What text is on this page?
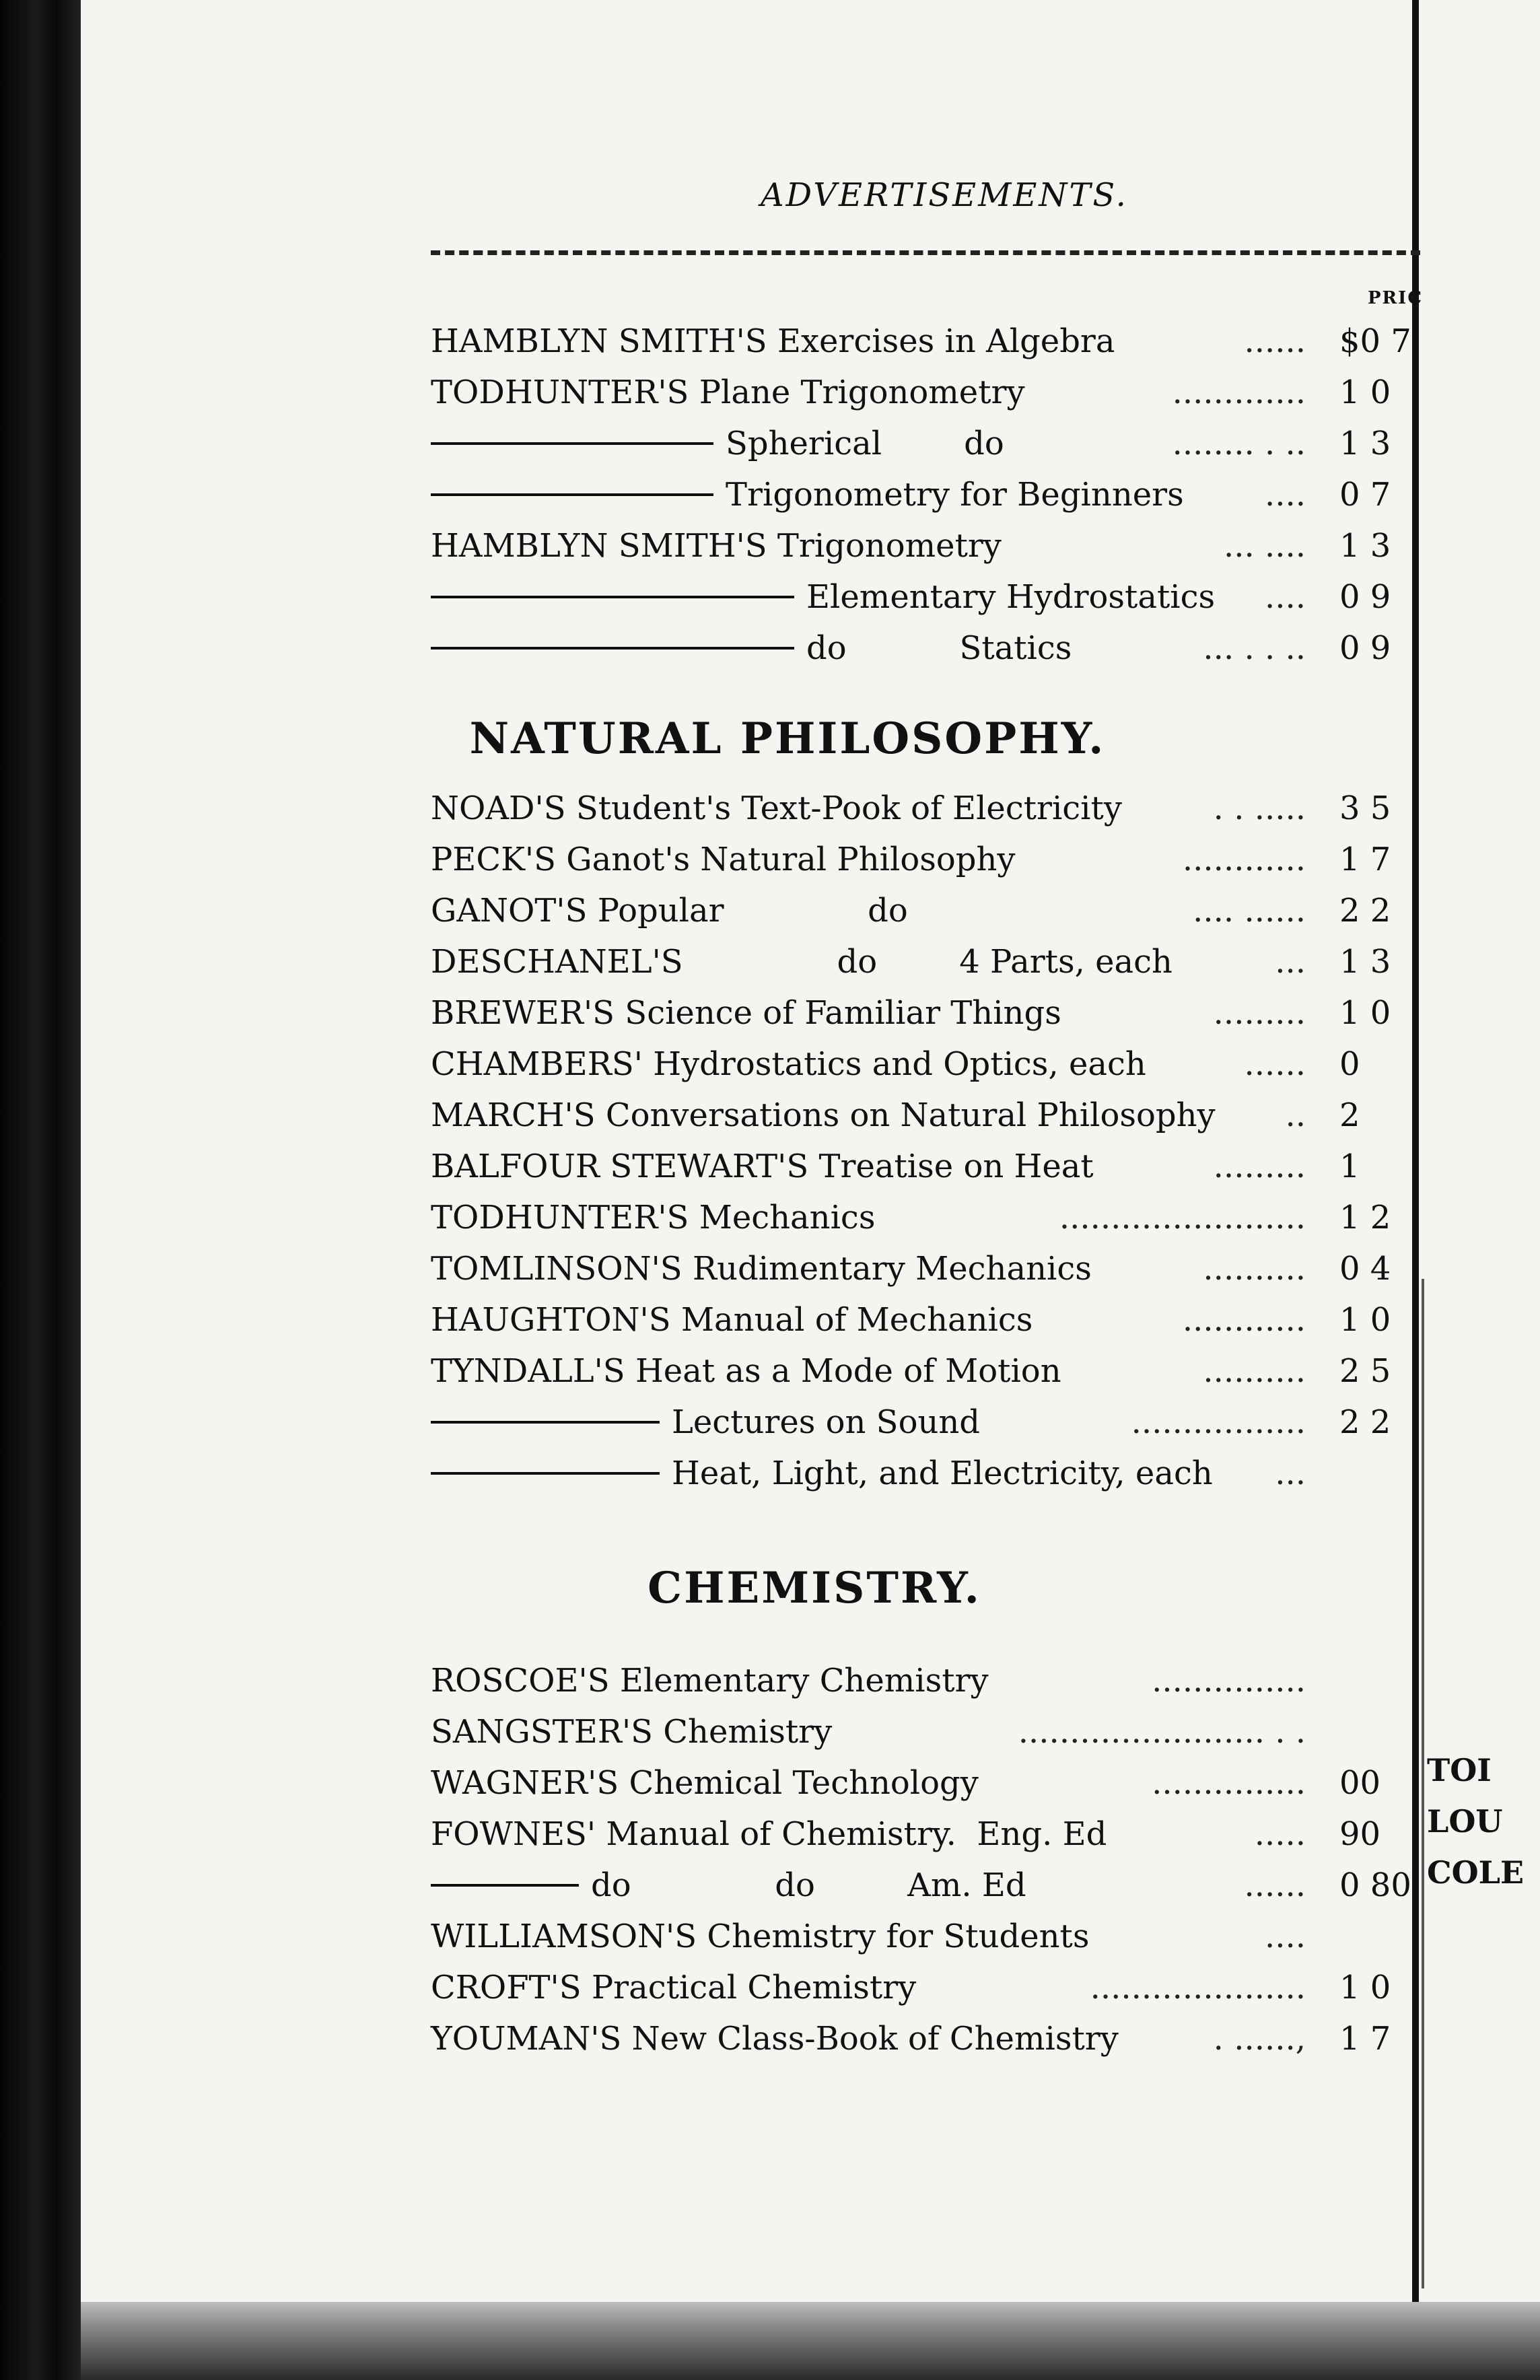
ADVERTISEMENTS.
PRIC
HAMBLYN SMITH'S Exercises in Algebra	...... $0 7
TODHUNTER'S Plane Trigonometry	............. 1 0
Spherical        do	........ . .. 1 3
Trigonometry for Beginners	.... 0 7
HAMBLYN SMITH'S Trigonometry	... .... 1 3
Elementary Hydrostatics .... 0 9
do           Statics	... . . .. 0 9
NATURAL PHILOSOPHY.
NOAD'S Student's Text-Pook of Electricity	. . ..... 3 5
PECK'S Ganot's Natural Philosophy	............ 1 7
GANOT'S Popular              do	.... ...... 2 2
DESCHANEL'S               do        4 Parts, each	... 1 3
BREWER'S Science of Familiar Things	......... 1 0
CHAMBERS' Hydrostatics and Optics, each	...... 0
MARCH'S Conversations on Natural Philosophy .. 2
BALFOUR STEWART'S Treatise on Heat	......... 1
TODHUNTER'S Mechanics	........................ 1 2
TOMLINSON'S Rudimentary Mechanics	.......... 0 4
HAUGHTON'S Manual of Mechanics	............ 1 0
TYNDALL'S Heat as a Mode of Motion	.......... 2 5
Lectures on Sound	................. 2 2
Heat, Light, and Electricity, each ...
CHEMISTRY.
ROSCOE'S Elementary Chemistry	...............
SANGSTER'S Chemistry	........................ . .
WAGNER'S Chemical Technology	............... 00
FOWNES' Manual of Chemistry.  Eng. Ed	..... 90
do              do         Am. Ed	...... 0 80
WILLIAMSON'S Chemistry for Students	....
CROFT'S Practical Chemistry	..................... 1 0
YOUMAN'S New Class-Book of Chemistry	. ......, 1 7
TOI
LOU
COLE
